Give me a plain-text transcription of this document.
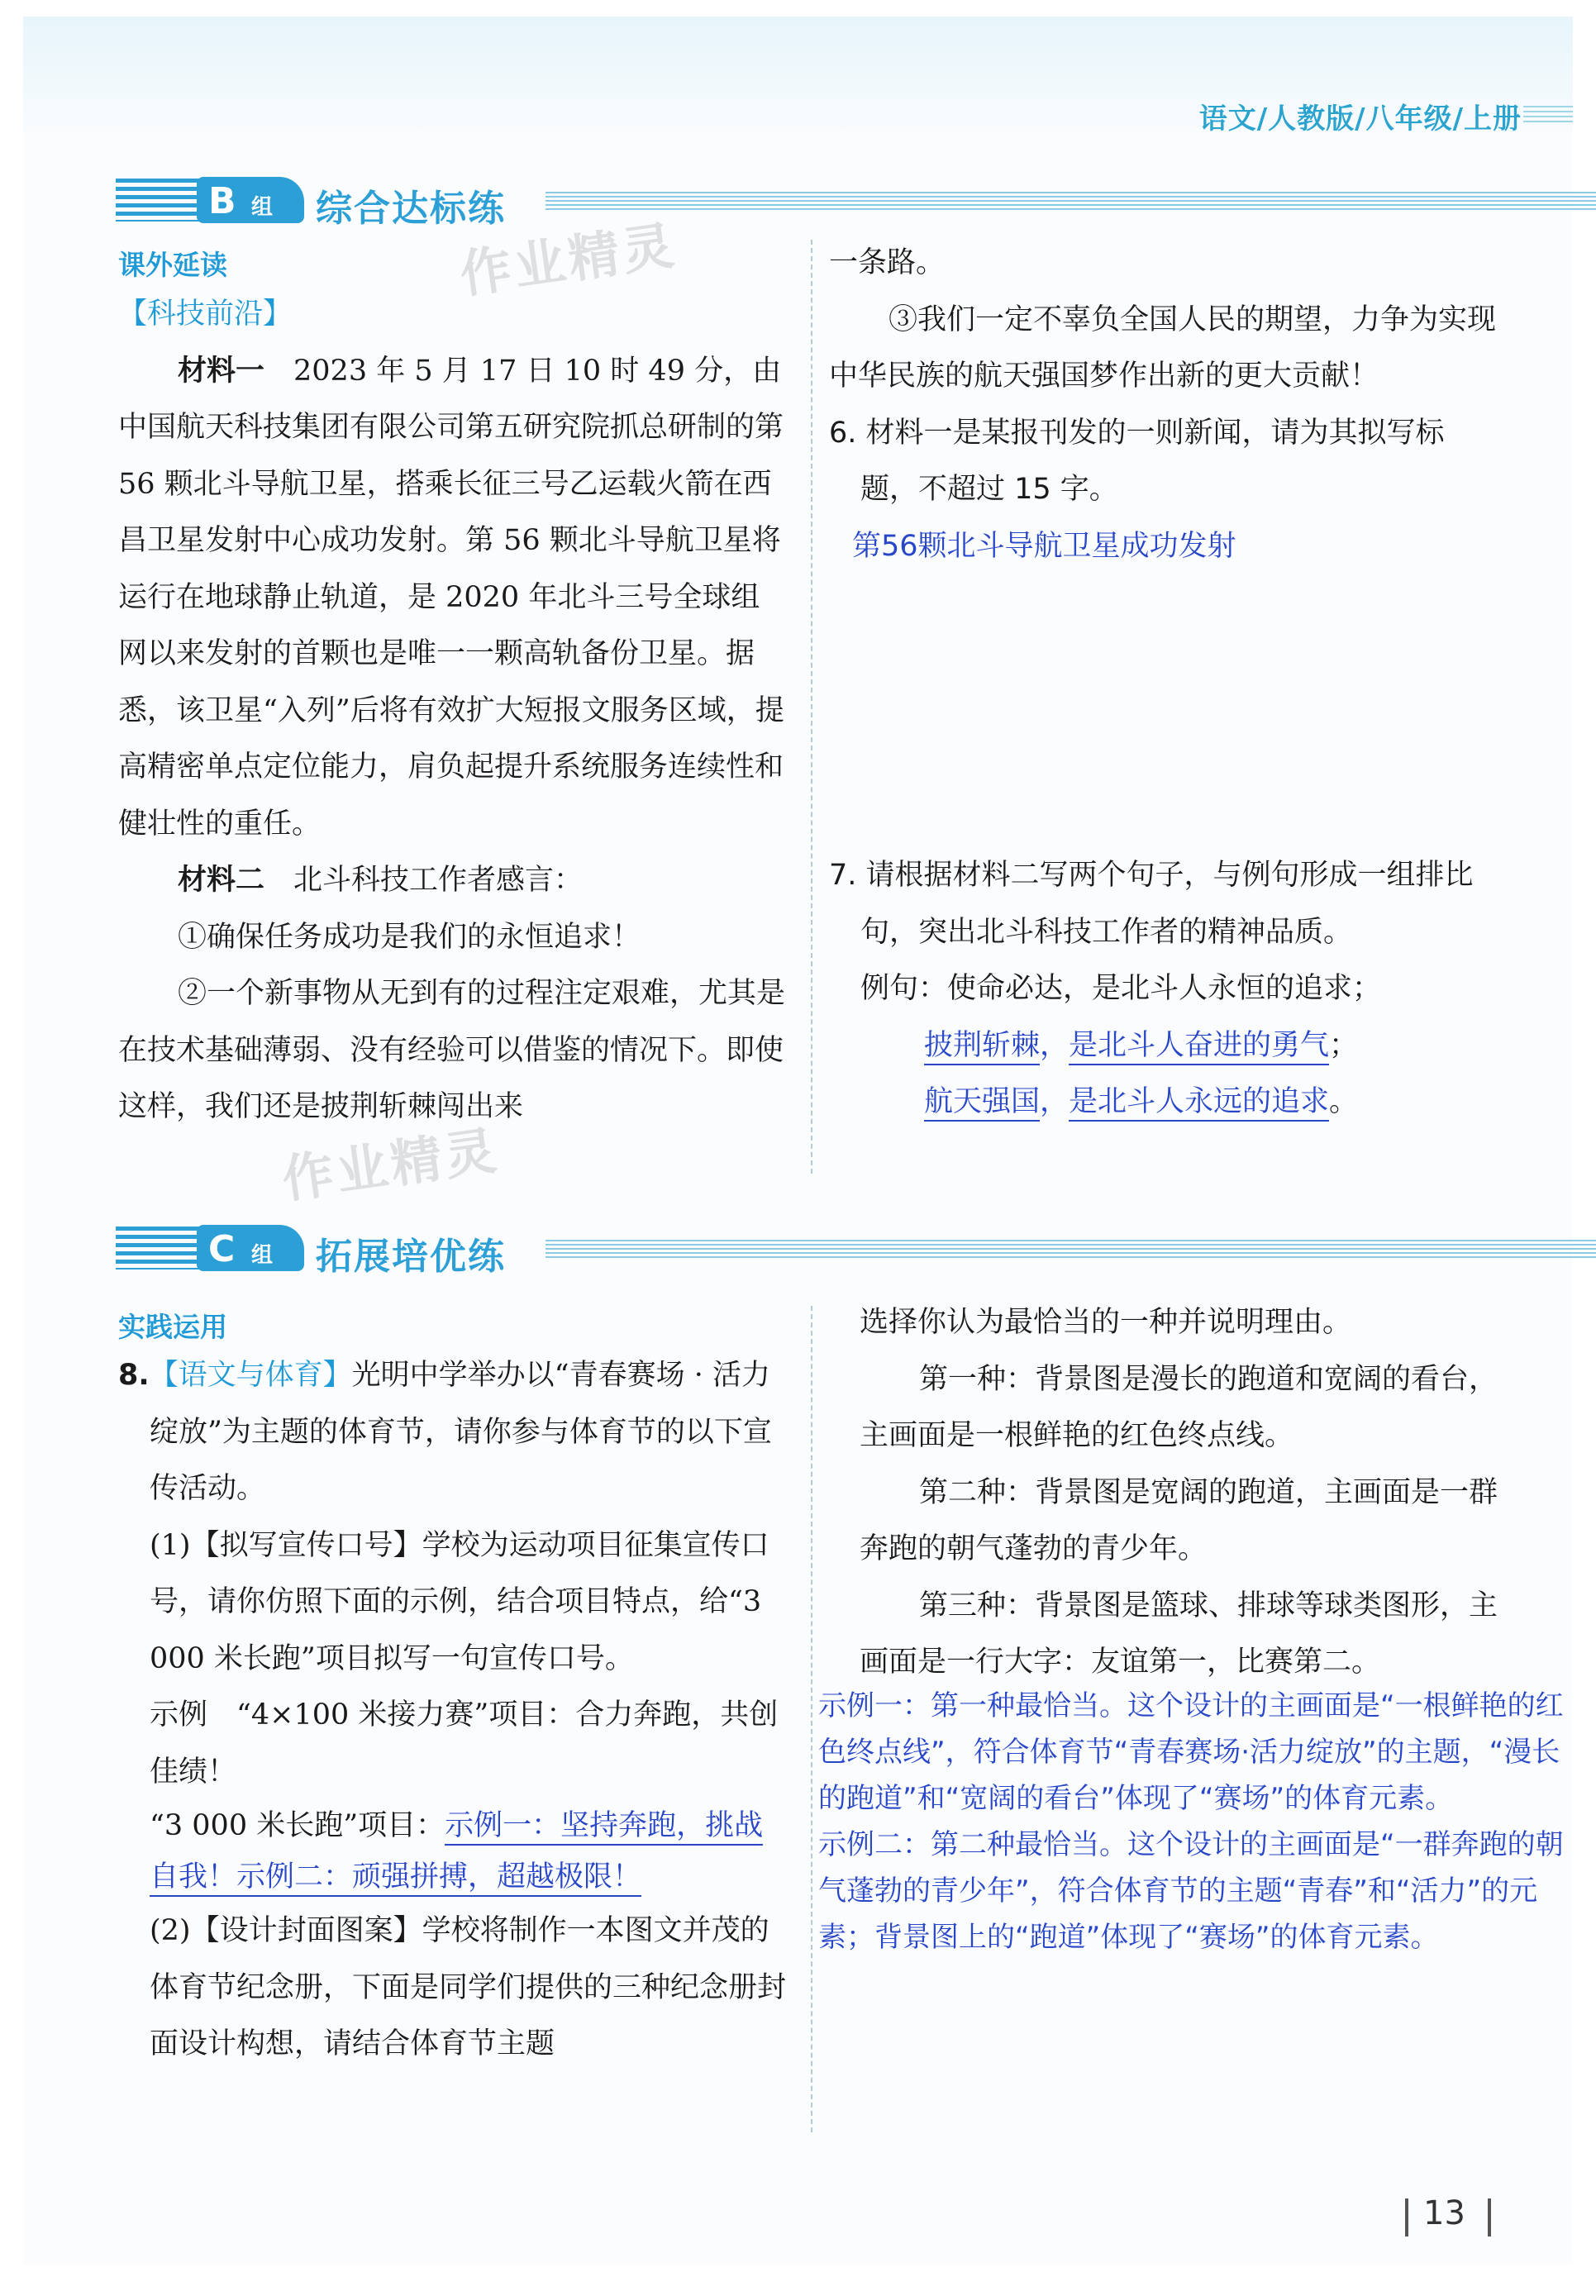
语文/人教版/八年级/上册
B 组 综合达标练
作业精灵
课外延读

【科技前沿】

材料一　2023 年 5 月 17 日 10 时 49 分，由中国航天科技集团有限公司第五研究院抓总研制的第 56 颗北斗导航卫星，搭乘长征三号乙运载火箭在西昌卫星发射中心成功发射。第 56 颗北斗导航卫星将运行在地球静止轨道，是 2020 年北斗三号全球组网以来发射的首颗也是唯一一颗高轨备份卫星。据悉，该卫星“入列”后将有效扩大短报文服务区域，提高精密单点定位能力，肩负起提升系统服务连续性和健壮性的重任。

材料二　北斗科技工作者感言：

①确保任务成功是我们的永恒追求！

②一个新事物从无到有的过程注定艰难，尤其是在技术基础薄弱、没有经验可以借鉴的情况下。即使这样，我们还是披荆斩棘闯出来

作业精灵

一条路。

③我们一定不辜负全国人民的期望，力争为实现中华民族的航天强国梦作出新的更大贡献！

6. 材料一是某报刊发的一则新闻，请为其拟写标题，不超过 15 字。

第56颗北斗导航卫星成功发射

7. 请根据材料二写两个句子，与例句形成一组排比句，突出北斗科技工作者的精神品质。

例句：使命必达，是北斗人永恒的追求；

披荆斩棘，是北斗人奋进的勇气；

航天强国，是北斗人永远的追求。

C 组 拓展培优练
实践运用

8.【语文与体育】光明中学举办以“青春赛场 · 活力绽放”为主题的体育节，请你参与体育节的以下宣传活动。

(1)【拟写宣传口号】学校为运动项目征集宣传口号，请你仿照下面的示例，结合项目特点，给“3 000 米长跑”项目拟写一句宣传口号。

示例　“4×100 米接力赛”项目：合力奔跑，共创佳绩！

“3 000 米长跑”项目：示例一：坚持奔跑，挑战自我！示例二：顽强拼搏，超越极限！

(2)【设计封面图案】学校将制作一本图文并茂的体育节纪念册，下面是同学们提供的三种纪念册封面设计构想，请结合体育节主题

选择你认为最恰当的一种并说明理由。

第一种：背景图是漫长的跑道和宽阔的看台，主画面是一根鲜艳的红色终点线。

第二种：背景图是宽阔的跑道，主画面是一群奔跑的朝气蓬勃的青少年。

第三种：背景图是篮球、排球等球类图形，主画面是一行大字：友谊第一，比赛第二。

示例一：第一种最恰当。这个设计的主画面是“一根鲜艳的红色终点线”，符合体育节“青春赛场·活力绽放”的主题，“漫长的跑道”和“宽阔的看台”体现了“赛场”的体育元素。
示例二：第二种最恰当。这个设计的主画面是“一群奔跑的朝气蓬勃的青少年”，符合体育节的主题“青春”和“活力”的元素；背景图上的“跑道”体现了“赛场”的体育元素。
13
